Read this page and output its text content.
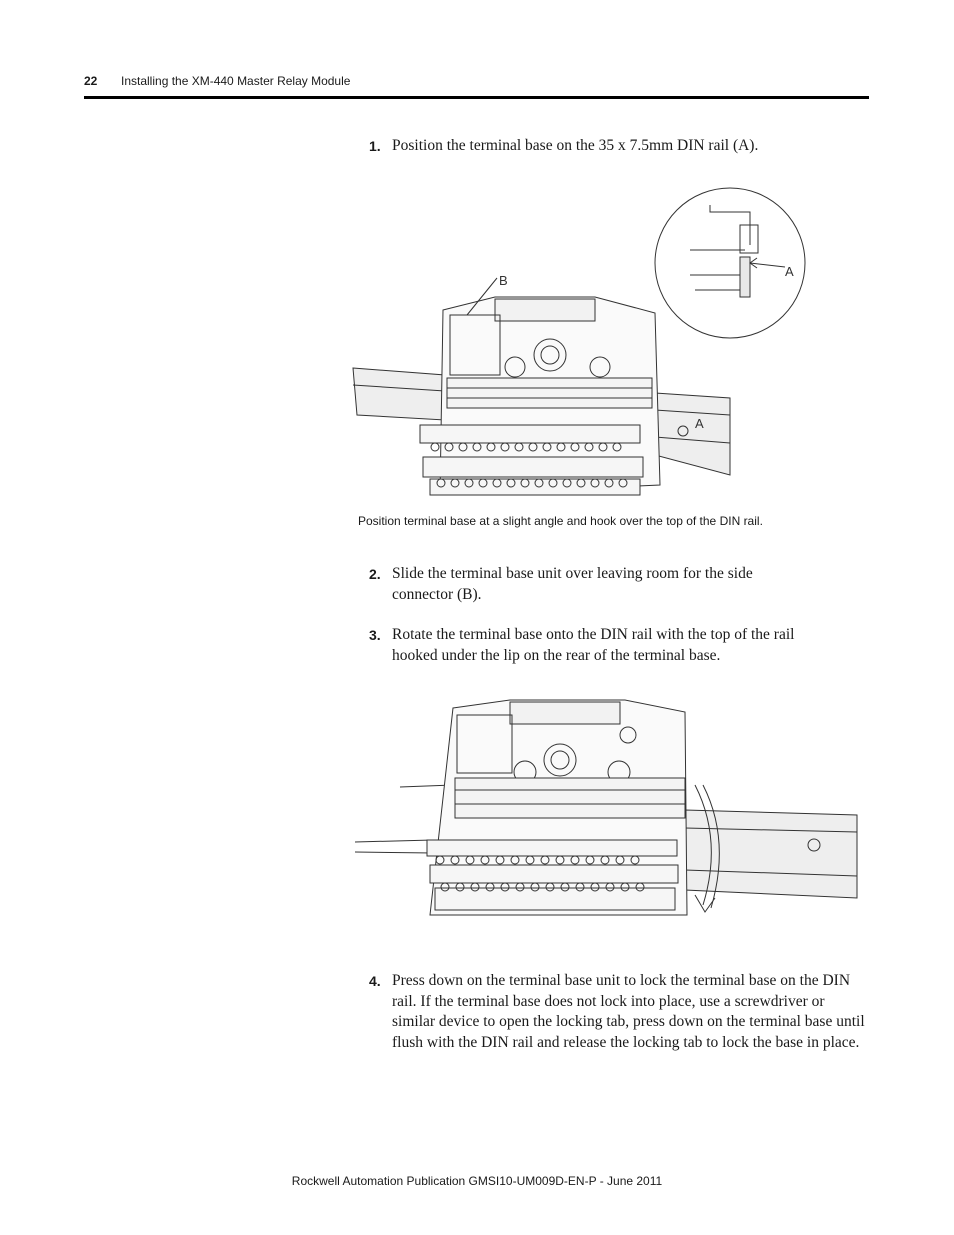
22 Installing the XM-440 Master Relay Module
1. Position the terminal base on the 35 x 7.5mm DIN rail (A).
B
A
A
Position terminal base at a slight angle and hook over the top of the DIN rail.
2. Slide the terminal base unit over leaving room for the side connector (B).
3. Rotate the terminal base onto the DIN rail with the top of the rail hooked under the lip on the rear of the terminal base.
4. Press down on the terminal base unit to lock the terminal base on the DIN rail. If the terminal base does not lock into place, use a screwdriver or similar device to open the locking tab, press down on the terminal base until flush with the DIN rail and release the locking tab to lock the base in place.
Rockwell Automation Publication GMSI10-UM009D-EN-P - June 2011
